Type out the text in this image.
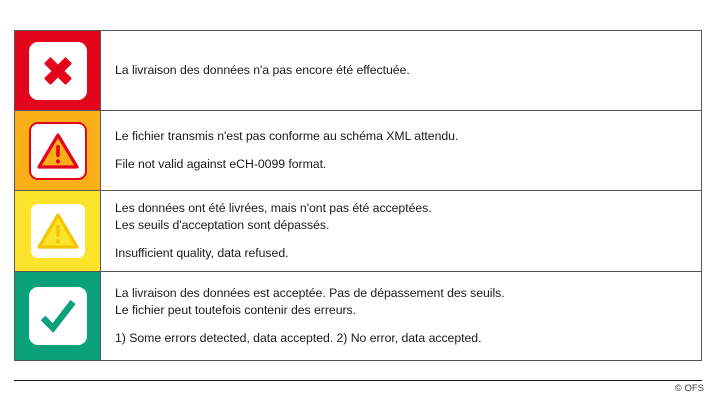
La livraison des données n'a pas encore été effectuée.
Le fichier transmis n'est pas conforme au schéma XML attendu.
File not valid against eCH-0099 format.
Les données ont été livrées, mais n'ont pas été acceptées.
Les seuils d'acceptation sont dépassés.
Insufficient quality, data refused.
La livraison des données est acceptée. Pas de dépassement des seuils.
Le fichier peut toutefois contenir des erreurs.
1) Some errors detected, data accepted. 2) No error, data accepted.
© OFS
